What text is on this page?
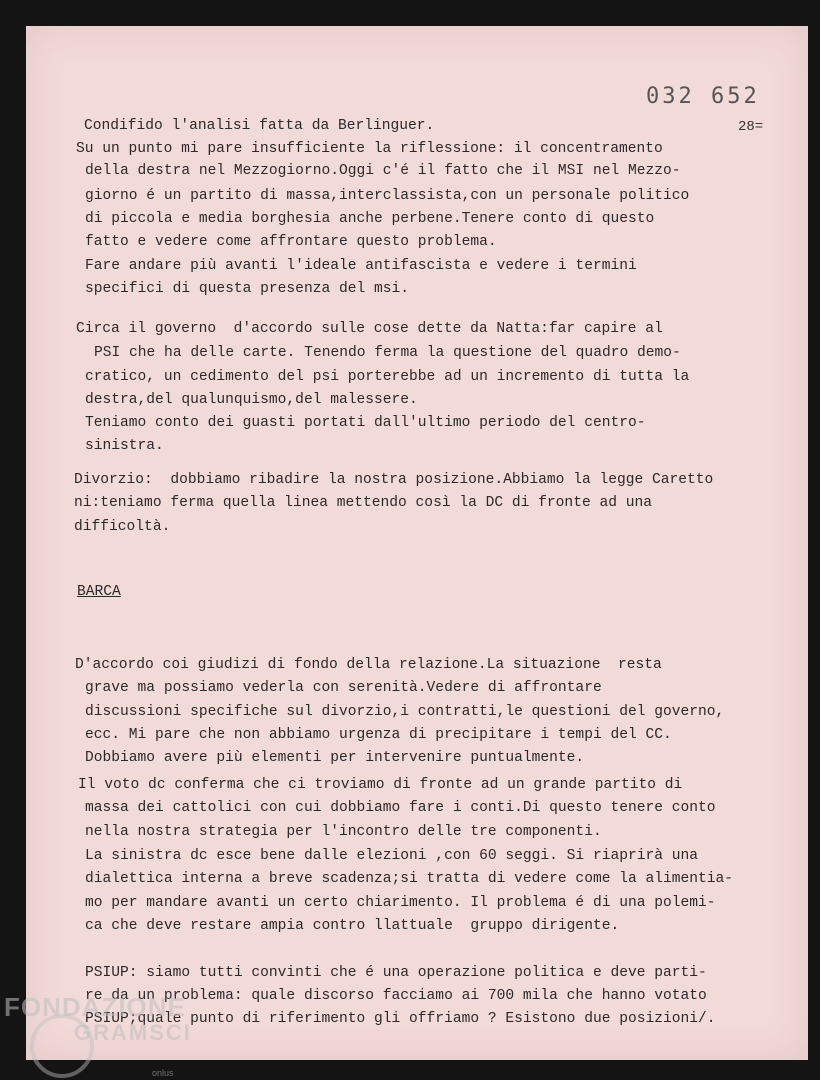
032 652
28=
Condifido l'analisi fatta da Berlinguer.
Su un punto mi pare insufficiente la riflessione: il concentramento
della destra nel Mezzogiorno.Oggi c'é il fatto che il MSI nel Mezzo-
giorno é un partito di massa,interclassista,con un personale politico
di piccola e media borghesia anche perbene.Tenere conto di questo
fatto e vedere come affrontare questo problema.
Fare andare più avanti l'ideale antifascista e vedere i termini
specifici di questa presenza del msi.
Circa il governo  d'accordo sulle cose dette da Natta:far capire al
PSI che ha delle carte. Tenendo ferma la questione del quadro demo-
cratico, un cedimento del psi porterebbe ad un incremento di tutta la
destra,del qualunquismo,del malessere.
Teniamo conto dei guasti portati dall'ultimo periodo del centro-
sinistra.
Divorzio:  dobbiamo ribadire la nostra posizione.Abbiamo la legge Caretto
ni:teniamo ferma quella linea mettendo così la DC di fronte ad una
difficoltà.
BARCA
D'accordo coi giudizi di fondo della relazione.La situazione  resta
grave ma possiamo vederla con serenità.Vedere di affrontare
discussioni specifiche sul divorzio,i contratti,le questioni del governo,
ecc. Mi pare che non abbiamo urgenza di precipitare i tempi del CC.
Dobbiamo avere più elementi per intervenire puntualmente.
Il voto dc conferma che ci troviamo di fronte ad un grande partito di
massa dei cattolici con cui dobbiamo fare i conti.Di questo tenere conto
nella nostra strategia per l'incontro delle tre componenti.
La sinistra dc esce bene dalle elezioni ,con 60 seggi. Si riaprirà una
dialettica interna a breve scadenza;si tratta di vedere come la alimentia-
mo per mandare avanti un certo chiarimento. Il problema é di una polemi-
ca che deve restare ampia contro llattuale  gruppo dirigente.
PSIUP: siamo tutti convinti che é una operazione politica e deve parti-
re da un problema: quale discorso facciamo ai 700 mila che hanno votato
PSIUP;quale punto di riferimento gli offriamo ? Esistono due posizioni/.
FONDAZIONE
GRAMSCI
onlus
